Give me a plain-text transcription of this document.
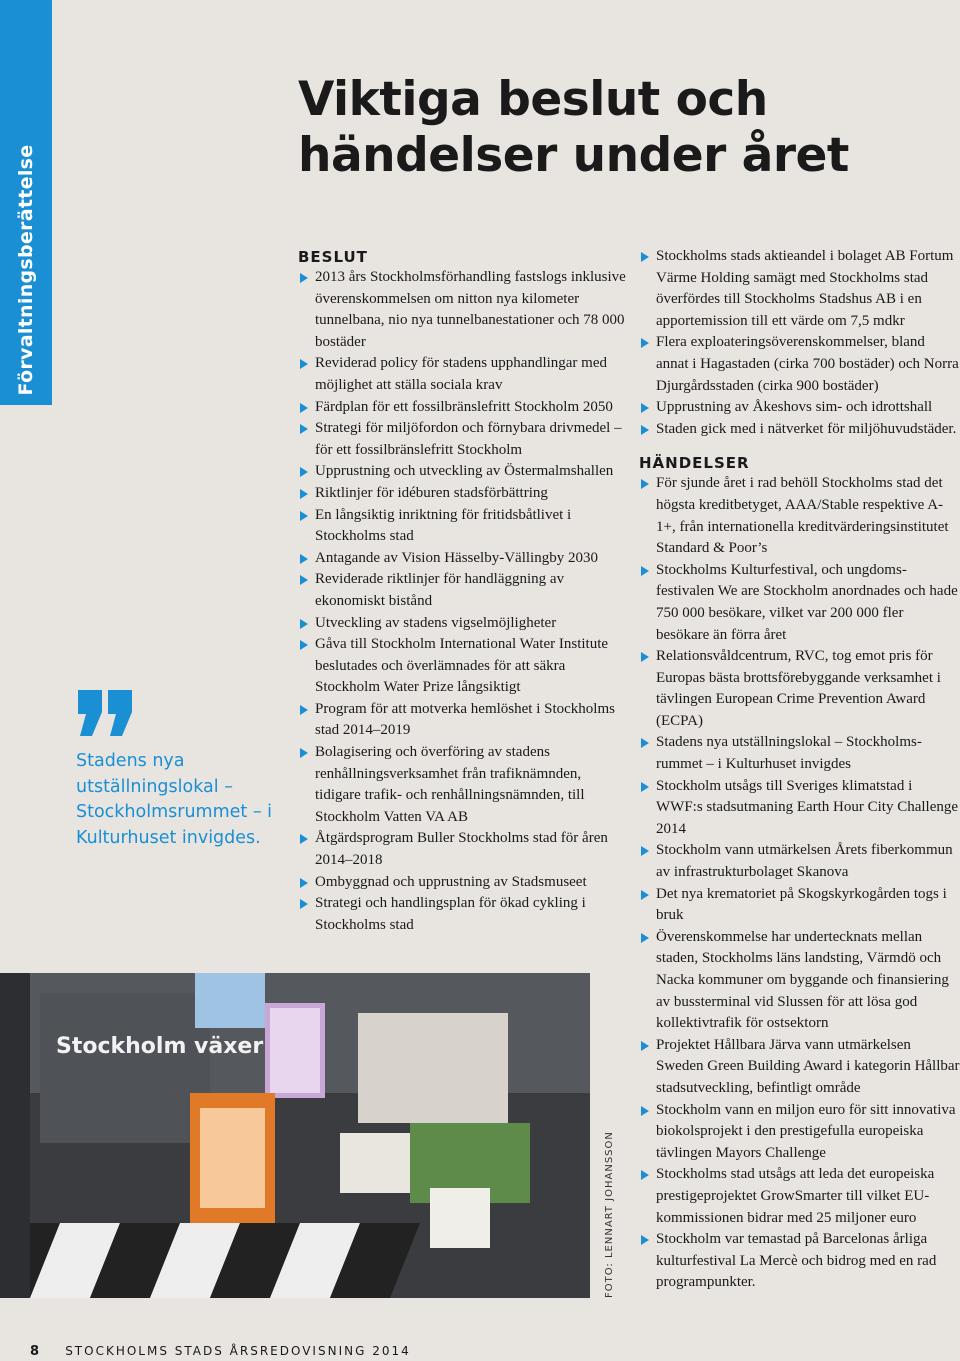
Förvaltningsberättelse
Viktiga beslut och händelser under året
Stadens nya utställningslokal – Stockholmsrummet – i Kulturhuset invigdes.
BESLUT
2013 års Stockholmsförhandling fastslogs inklusive överenskommelsen om nitton nya kilometer tunnelbana, nio nya tunnelbanestationer och 78 000 bostäder
Reviderad policy för stadens upphandlingar med möjlighet att ställa sociala krav
Färdplan för ett fossilbränslefritt Stockholm 2050
Strategi för miljöfordon och förnybara drivmedel – för ett fossilbränslefritt Stockholm
Upprustning och utveckling av Östermalmshallen
Riktlinjer för idéburen stadsförbättring
En långsiktig inriktning för fritidsbåtlivet i Stockholms stad
Antagande av Vision Hässelby-Vällingby 2030
Reviderade riktlinjer för handläggning av ekonomiskt bistånd
Utveckling av stadens vigselmöjligheter
Gåva till Stockholm International Water Institute beslutades och överlämnades för att säkra Stockholm Water Prize långsiktigt
Program för att motverka hemlöshet i Stockholms stad 2014–2019
Bolagisering och överföring av stadens renhållningsverksamhet från trafiknämnden, tidigare trafik- och renhållningsnämnden, till Stockholm Vatten VA AB
Åtgärdsprogram Buller Stockholms stad för åren 2014–2018
Ombyggnad och upprustning av Stadsmuseet
Strategi och handlingsplan för ökad cykling i Stockholms stad
Stockholms stads aktieandel i bolaget AB Fortum Värme Holding samägt med Stockholms stad överfördes till Stockholms Stadshus AB i en apportemission till ett värde om 7,5 mdkr
Flera exploateringsöverenskommelser, bland annat i Hagastaden (cirka 700 bostäder) och Norra Djurgårdsstaden (cirka 900 bostäder)
Upprustning av Åkeshovs sim- och idrottshall
Staden gick med i nätverket för miljöhuvudstäder.
HÄNDELSER
För sjunde året i rad behöll Stockholms stad det högsta kreditbetyget, AAA/Stable respektive A-1+, från internationella kreditvärderingsinstitutet Standard & Poor’s
Stockholms Kulturfestival, och ungdomsfestivalen We are Stockholm anordnades och hade 750 000 besökare, vilket var 200 000 fler besökare än förra året
Relationsvåldcentrum, RVC, tog emot pris för Europas bästa brottsförebyggande verksamhet i tävlingen European Crime Prevention Award (ECPA)
Stadens nya utställningslokal – Stockholmsrummet – i Kulturhuset invigdes
Stockholm utsågs till Sveriges klimatstad i WWF:s stadsutmaning Earth Hour City Challenge 2014
Stockholm vann utmärkelsen Årets fiberkommun av infrastrukturbolaget Skanova
Det nya krematoriet på Skogskyrkogården togs i bruk
Överenskommelse har undertecknats mellan staden, Stockholms läns landsting, Värmdö och Nacka kommuner om byggande och finansiering av bussterminal vid Slussen för att lösa god kollektivtrafik för ostsektorn
Projektet Hållbara Järva vann utmärkelsen Sweden Green Building Award i kategorin Hållbar stadsutveckling, befintligt område
Stockholm vann en miljon euro för sitt innovativa biokolsprojekt i den prestigefulla europeiska tävlingen Mayors Challenge
Stockholms stad utsågs att leda det europeiska prestigeprojektet GrowSmarter till vilket EU-kommissionen bidrar med 25 miljoner euro
Stockholm var temastad på Barcelonas årliga kulturfestival La Mercè och bidrog med en rad programpunkter.
Stockholm växer
FOTO: LENNART JOHANSSON
8 STOCKHOLMS STADS ÅRSREDOVISNING 2014
